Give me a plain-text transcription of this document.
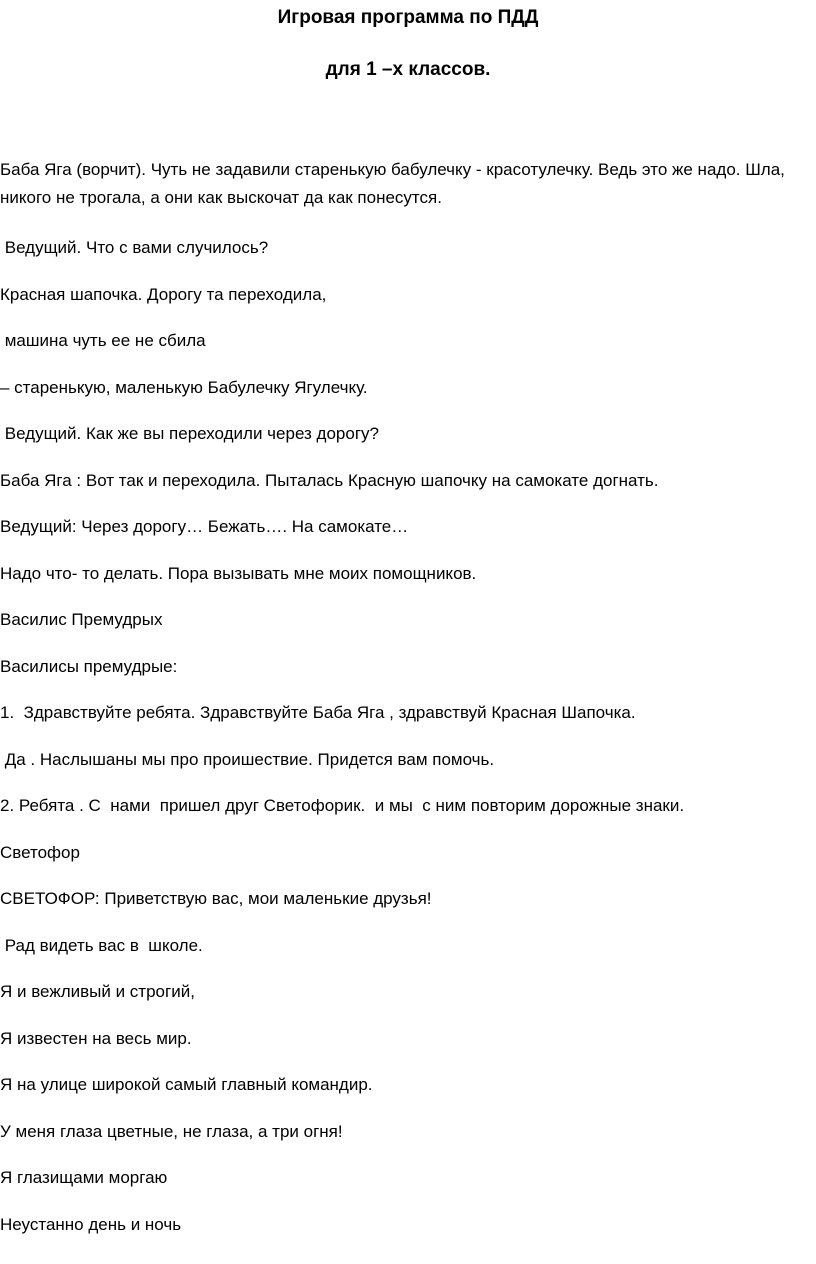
Игровая программа по ПДД
для 1 –х классов.

Баба Яга (ворчит). Чуть не задавили старенькую бабулечку - красотулечку. Ведь это же надо. Шла, никого не трогала, а они как выскочат да как понесутся.

Ведущий. Что с вами случилось?

Красная шапочка. Дорогу та переходила,

машина чуть ее не сбила

– старенькую, маленькую Бабулечку Ягулечку.

Ведущий. Как же вы переходили через дорогу?

Баба Яга : Вот так и переходила. Пыталась Красную шапочку на самокате догнать.

Ведущий: Через дорогу… Бежать…. На самокате…

Надо что- то делать. Пора вызывать мне моих помощников.

Василис Премудрых

Василисы премудрые:

1.  Здравствуйте ребята. Здравствуйте Баба Яга , здравствуй Красная Шапочка.

Да . Наслышаны мы про проишествие. Придется вам помочь.

2. Ребята . С  нами  пришел друг Светофорик.  и мы  с ним повторим дорожные знаки.

Светофор

СВЕТОФОР: Приветствую вас, мои маленькие друзья!

Рад видеть вас в  школе.

Я и вежливый и строгий,

Я известен на весь мир.

Я на улице широкой самый главный командир.

У меня глаза цветные, не глаза, а три огня!

Я глазищами моргаю

Неустанно день и ночь
